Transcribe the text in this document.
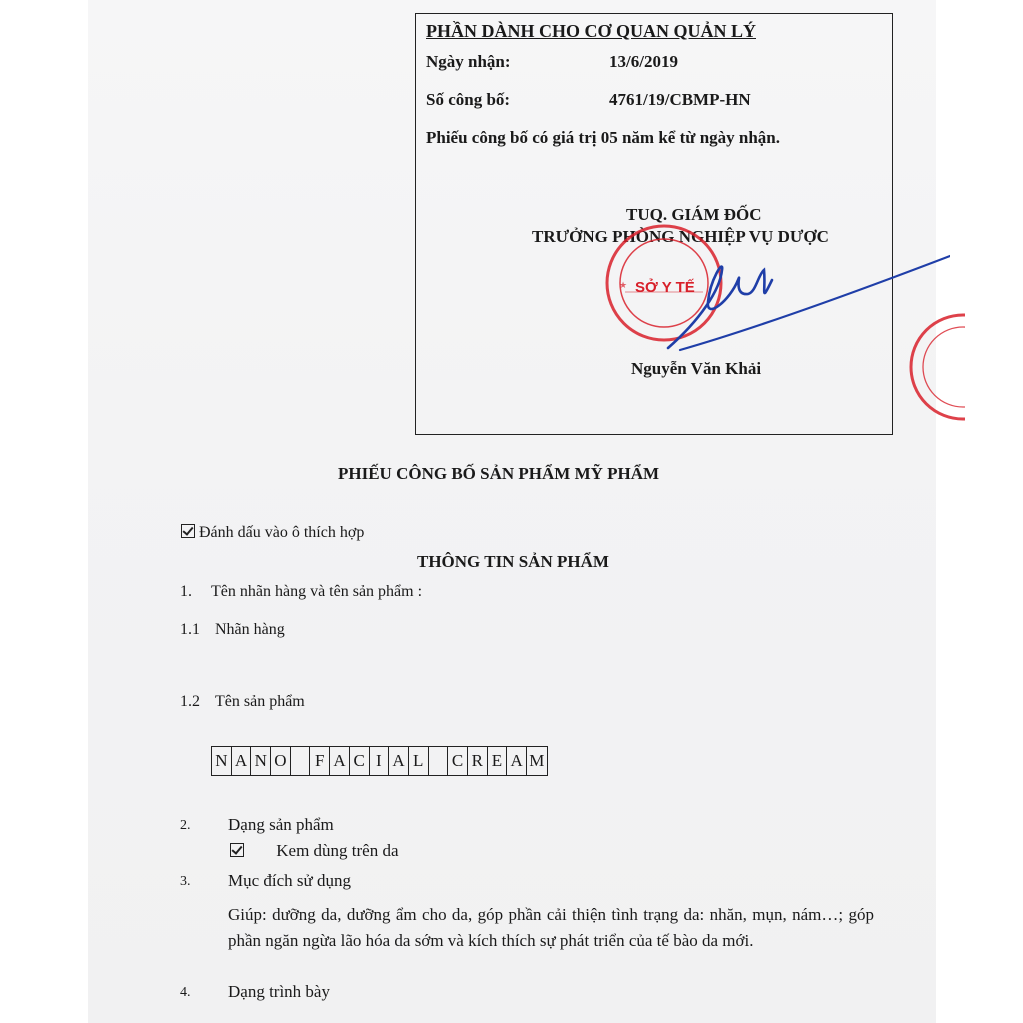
PHẦN DÀNH CHO CƠ QUAN QUẢN LÝ
Ngày nhận:	13/6/2019
Số công bố:	4761/19/CBMP-HN
Phiếu công bố có giá trị 05 năm kể từ ngày nhận.
TUQ. GIÁM ĐỐC
TRƯỞNG PHÒNG NGHIỆP VỤ DƯỢC
SỞ Y TẾ
★
Nguyễn Văn Khải
PHIẾU CÔNG BỐ SẢN PHẨM MỸ PHẨM
Đánh dấu vào ô thích hợp
THÔNG TIN SẢN PHẨM
1. Tên nhãn hàng và tên sản phẩm :
1.1 Nhãn hàng
1.2 Tên sản phẩm
N A N O F A C I A L	C R E A M
2. Dạng sản phẩm
Kem dùng trên da
3. Mục đích sử dụng
Giúp: dưỡng da, dưỡng ẩm cho da, góp phần cải thiện tình trạng da: nhăn, mụn, nám…; góp phần ngăn ngừa lão hóa da sớm và kích thích sự phát triển của tế bào da mới.
4. Dạng trình bày
